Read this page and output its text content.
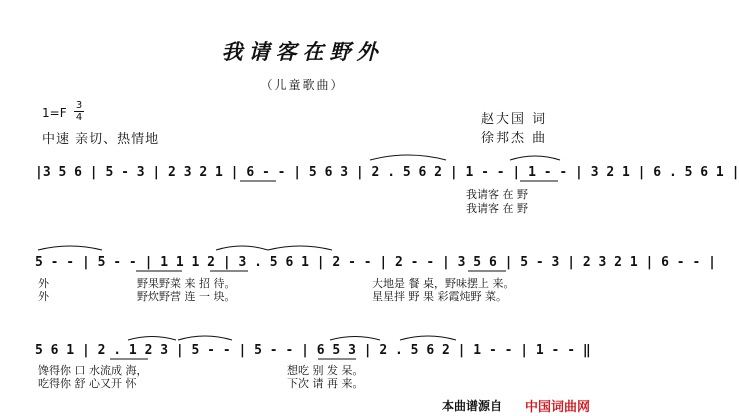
我请客在野外
（儿童歌曲）
1=F
3
4
中速 亲切、热情地
赵大国 词
徐邦杰 曲
|3 5 6 | 5 - 3 | 2 3 2 1 | 6 - - | 5 6 3 | 2 . 5 6 2 | 1 - - | 1 - - | 3 2 1 | 6 . 5 6 1 |
我请客 在 野
我请客 在 野
5 - - | 5 - - | 1 1 1 2 | 3 . 5 6 1 | 2 - - | 2 - - | 3 5 6 | 5 - 3 | 2 3 2 1 | 6 - - |
外	野果野菜 来 招 待。	大地是 餐 桌，野味摆上 来。
外	野炊野营 连 一 块。	星星拌 野 果 彩霞炖野 菜。
5 6 1 | 2 . 1 2 3 | 5 - - | 5 - - | 6 5 3 | 2 . 5 6 2 | 1 - - | 1 - - ‖
馋得你 口 水流成 海，	想吃 别 发 呆。
吃得你 舒 心又开 怀	下次 请 再 来。
本曲谱源自 中国词曲网
